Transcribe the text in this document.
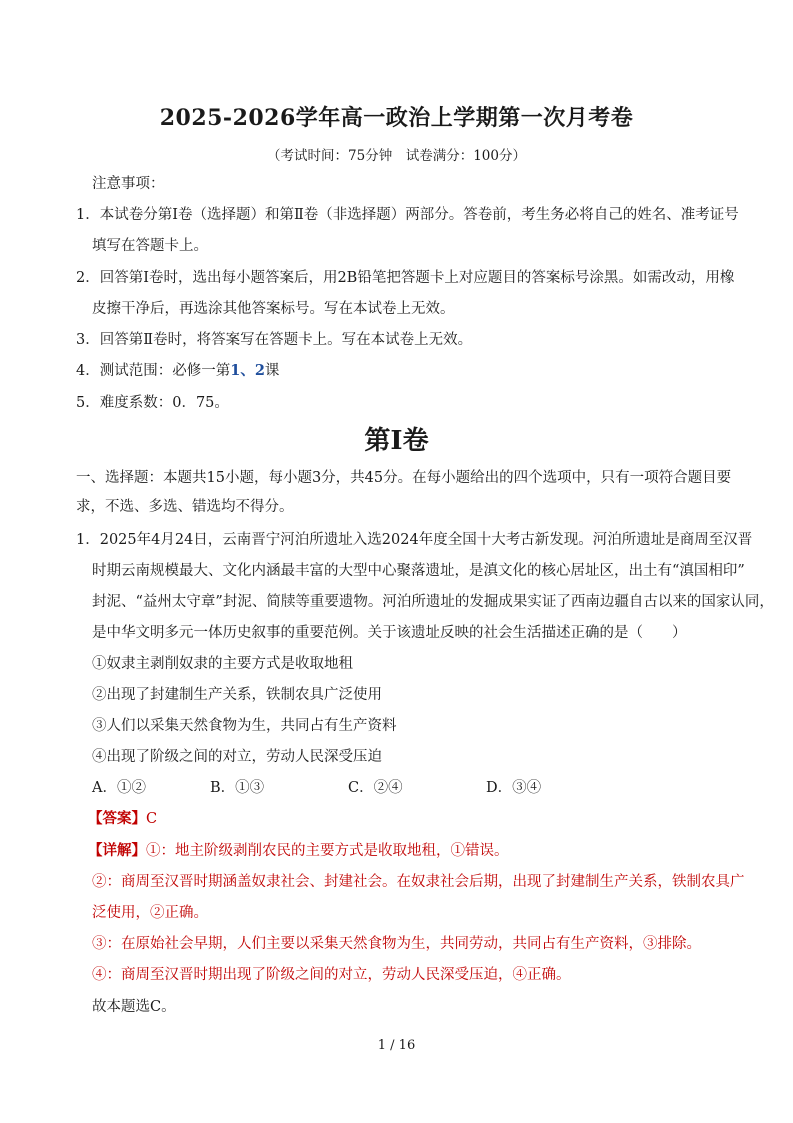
2025-2026学年高一政治上学期第一次月考卷
（考试时间：75分钟　试卷满分：100分）
注意事项：
1．本试卷分第Ⅰ卷（选择题）和第Ⅱ卷（非选择题）两部分。答卷前，考生务必将自己的姓名、准考证号
填写在答题卡上。
2．回答第Ⅰ卷时，选出每小题答案后，用2B铅笔把答题卡上对应题目的答案标号涂黑。如需改动，用橡
皮擦干净后，再选涂其他答案标号。写在本试卷上无效。
3．回答第Ⅱ卷时，将答案写在答题卡上。写在本试卷上无效。
4．测试范围：必修一第1、2课
5．难度系数：0．75。
第Ⅰ卷
一、选择题：本题共15小题，每小题3分，共45分。在每小题给出的四个选项中，只有一项符合题目要
求，不选、多选、错选均不得分。
1．2025年4月24日，云南晋宁河泊所遗址入选2024年度全国十大考古新发现。河泊所遗址是商周至汉晋
时期云南规模最大、文化内涵最丰富的大型中心聚落遗址，是滇文化的核心居址区，出土有“滇国相印”
封泥、“益州太守章”封泥、简牍等重要遗物。河泊所遗址的发掘成果实证了西南边疆自古以来的国家认同，
是中华文明多元一体历史叙事的重要范例。关于该遗址反映的社会生活描述正确的是（　　）
①奴隶主剥削奴隶的主要方式是收取地租
②出现了封建制生产关系，铁制农具广泛使用
③人们以采集天然食物为生，共同占有生产资料
④出现了阶级之间的对立，劳动人民深受压迫
A．①②	B．①③	C．②④	D．③④
【答案】C
【详解】①：地主阶级剥削农民的主要方式是收取地租，①错误。
②：商周至汉晋时期涵盖奴隶社会、封建社会。在奴隶社会后期，出现了封建制生产关系，铁制农具广
泛使用，②正确。
③：在原始社会早期，人们主要以采集天然食物为生，共同劳动，共同占有生产资料，③排除。
④：商周至汉晋时期出现了阶级之间的对立，劳动人民深受压迫，④正确。
故本题选C。
1 / 16
